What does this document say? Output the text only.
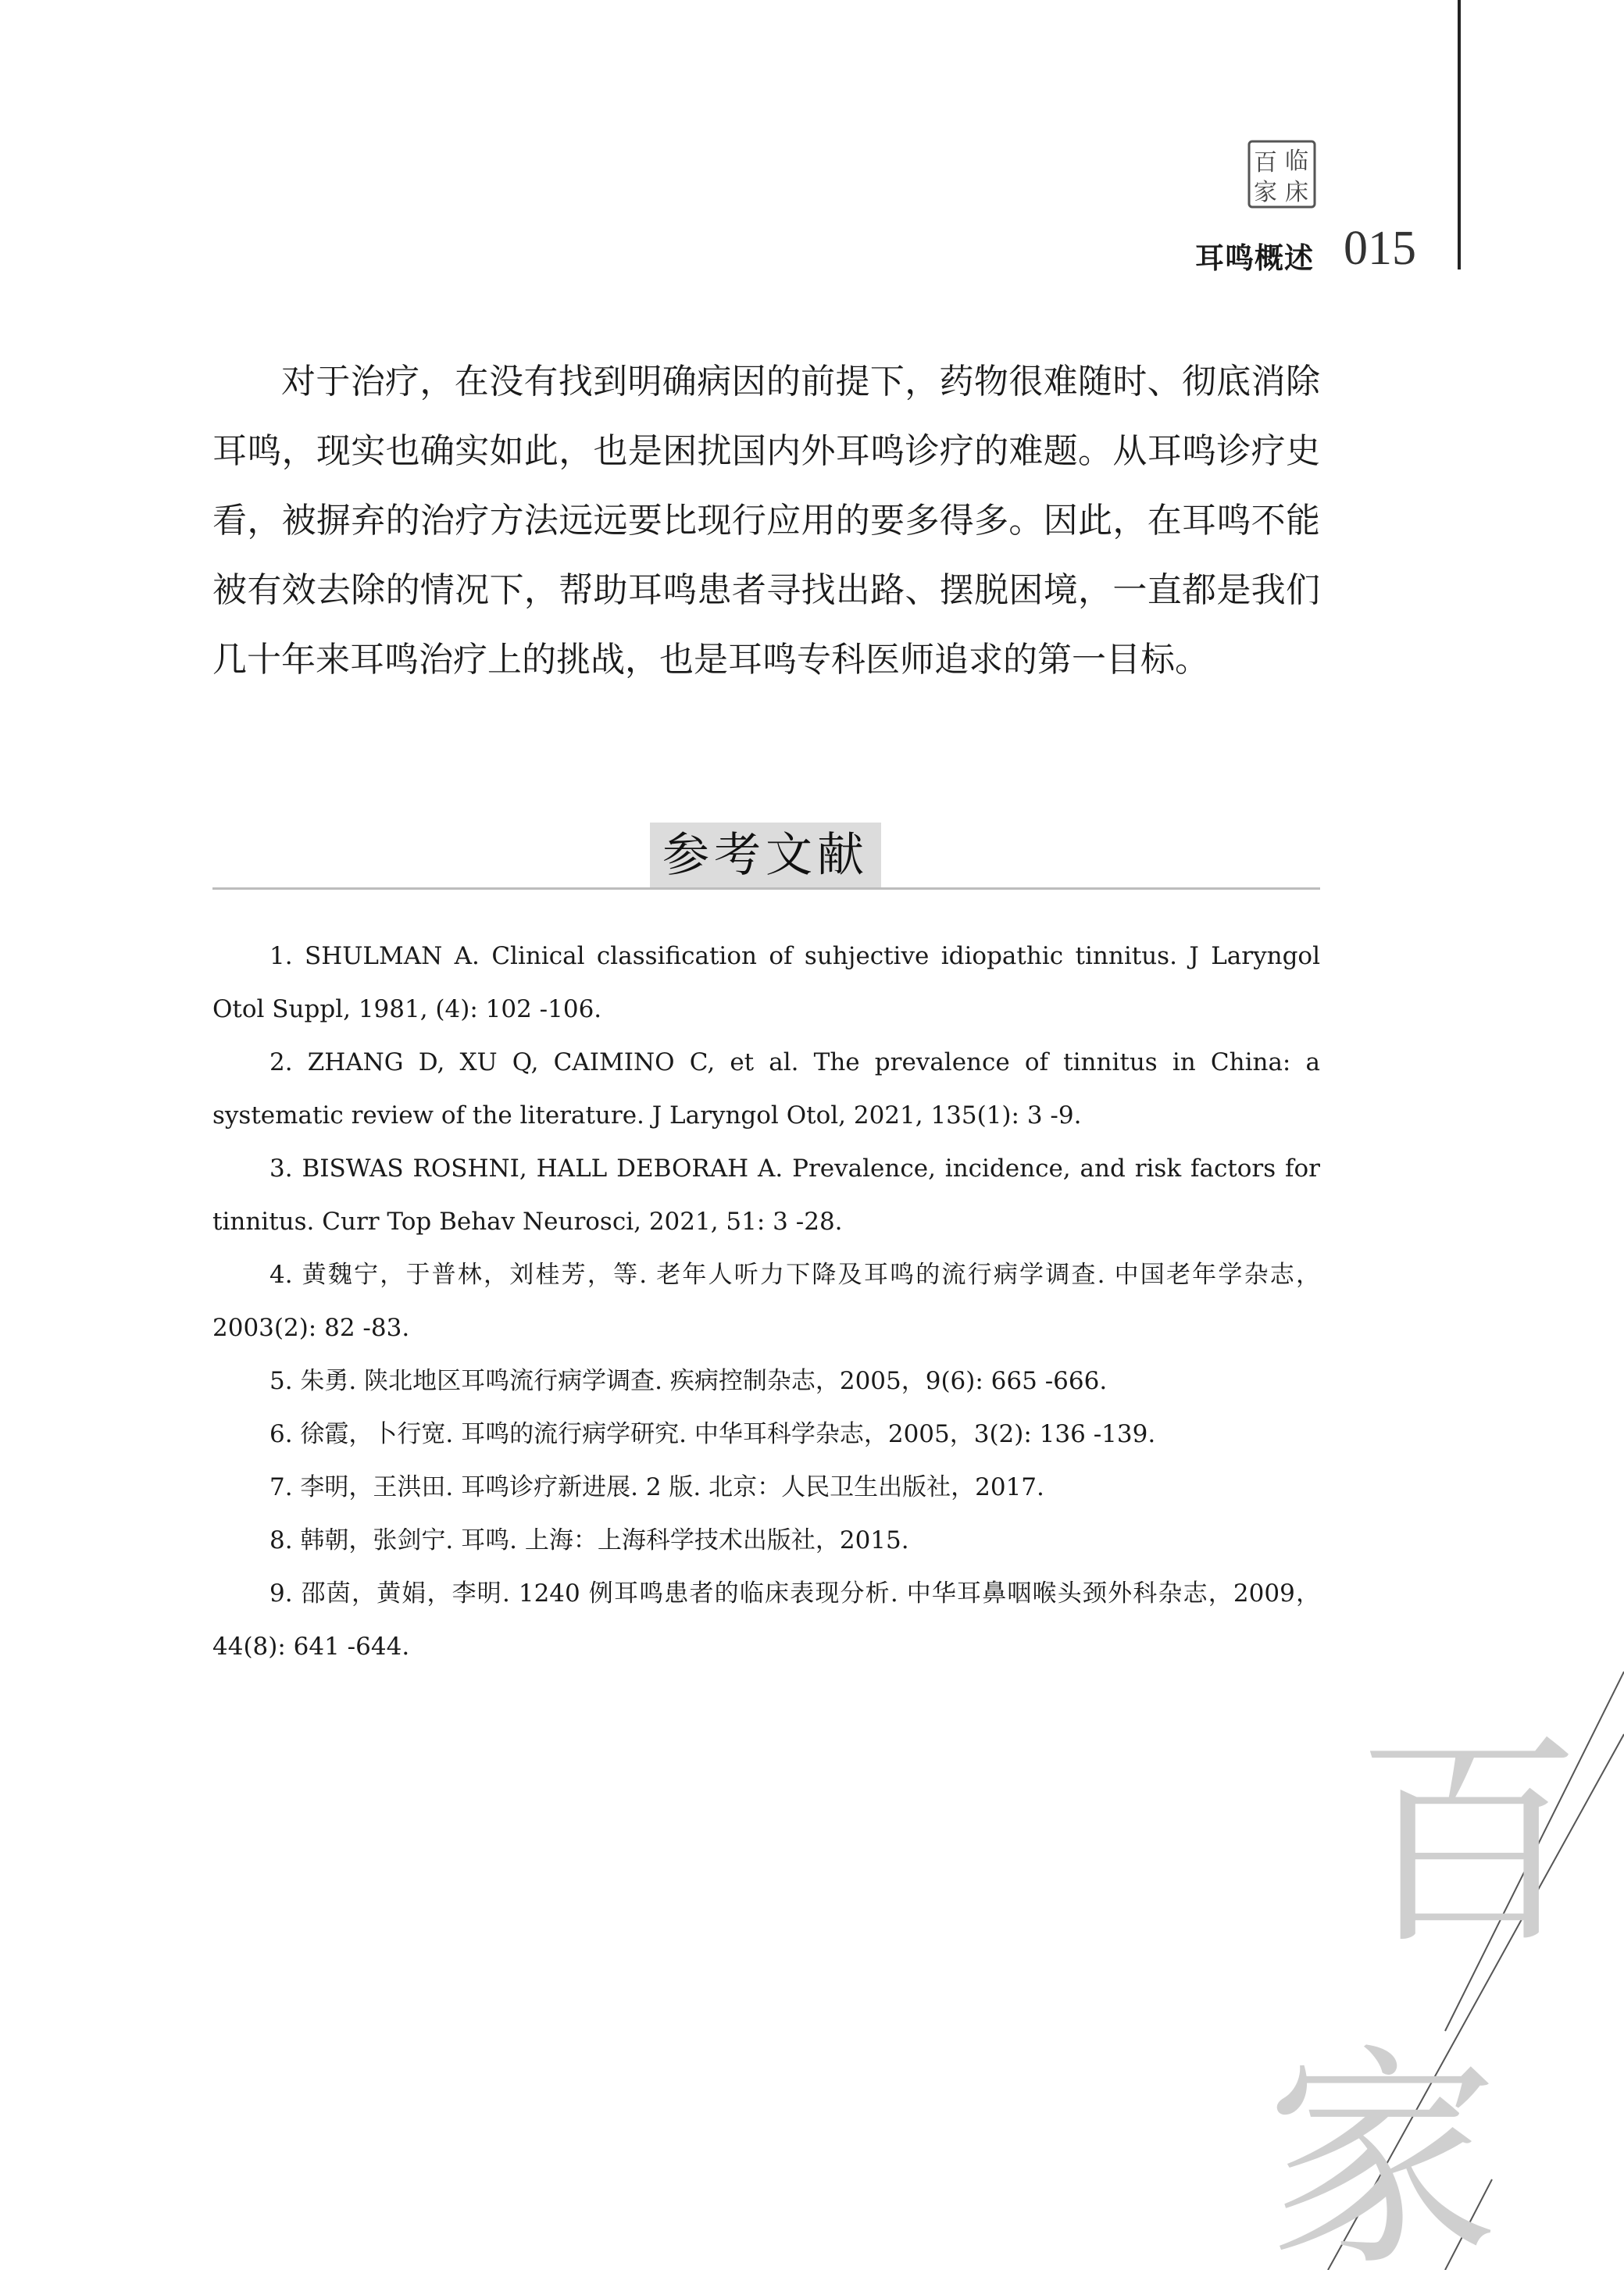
百 临
家 床
耳鸣概述 015

对于治疗，在没有找到明确病因的前提下，药物很难随时、彻底消除耳鸣，现实也确实如此，也是困扰国内外耳鸣诊疗的难题。从耳鸣诊疗史看，被摒弃的治疗方法远远要比现行应用的要多得多。因此，在耳鸣不能被有效去除的情况下，帮助耳鸣患者寻找出路、摆脱困境，一直都是我们几十年来耳鸣治疗上的挑战，也是耳鸣专科医师追求的第一目标。

参考文献
1. SHULMAN A. Clinical classification of suhjective idiopathic tinnitus. J Laryngol Otol Suppl, 1981, (4): 102 -106.
2. ZHANG D, XU Q, CAIMINO C, et al. The prevalence of tinnitus in China: a systematic review of the literature. J Laryngol Otol, 2021, 135(1): 3 -9.
3. BISWAS ROSHNI, HALL DEBORAH A. Prevalence, incidence, and risk factors for tinnitus. Curr Top Behav Neurosci, 2021, 51: 3 -28.
4. 黄魏宁，于普林，刘桂芳，等. 老年人听力下降及耳鸣的流行病学调查. 中国老年学杂志，2003(2): 82 -83.
5. 朱勇. 陕北地区耳鸣流行病学调查. 疾病控制杂志，2005，9(6): 665 -666.
6. 徐霞，卜行宽. 耳鸣的流行病学研究. 中华耳科学杂志，2005，3(2): 136 -139.
7. 李明，王洪田. 耳鸣诊疗新进展. 2 版. 北京：人民卫生出版社，2017.
8. 韩朝，张剑宁. 耳鸣. 上海：上海科学技术出版社，2015.
9. 邵茵，黄娟，李明. 1240 例耳鸣患者的临床表现分析. 中华耳鼻咽喉头颈外科杂志，2009，44(8): 641 -644.
百
家
